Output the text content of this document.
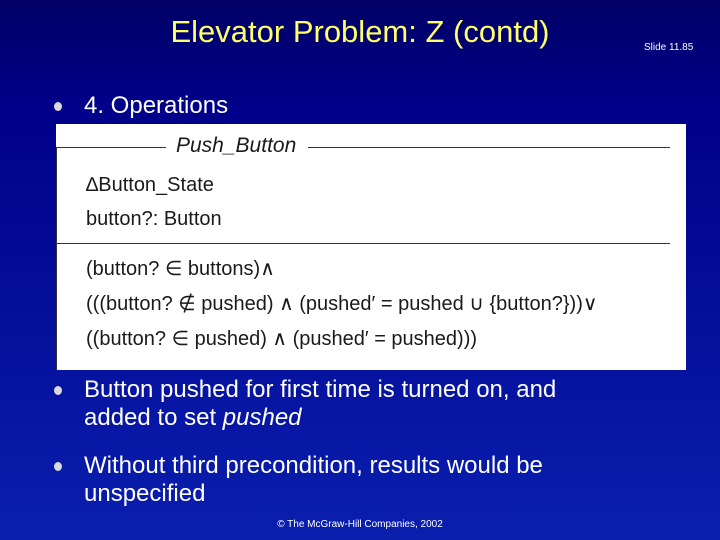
Elevator Problem: Z (contd)	Slide 11.85
4. Operations
Push_Button
∆Button_State
button?: Button
(button? ∈ buttons)∧
(((button? ∉ pushed) ∧ (pushed′ = pushed ∪ {button?}))∨
((button? ∈ pushed) ∧ (pushed′ = pushed)))
Button pushed for first time is turned on, and
added to set pushed
Without third precondition, results would be
unspecified
© The McGraw-Hill Companies, 2002
